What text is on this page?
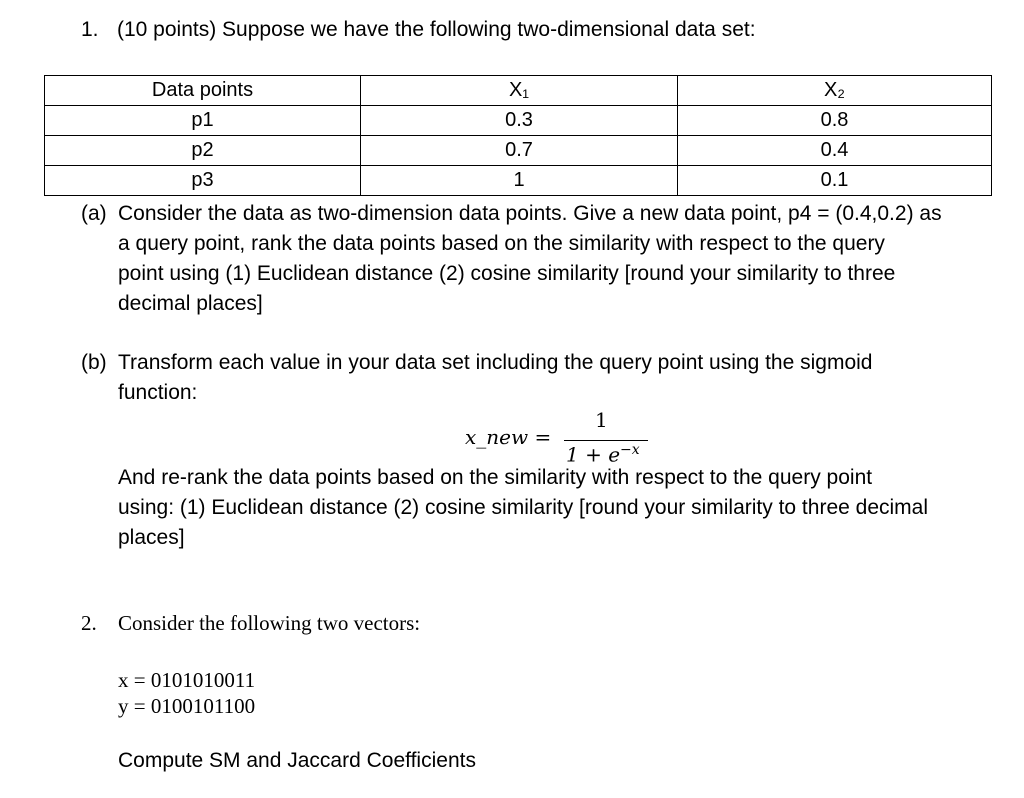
1. (10 points) Suppose we have the following two-dimensional data set:
Data points	X₁	X₂
p1	0.3	0.8
p2	0.7	0.4
p3	1	0.1
(a) Consider the data as two-dimension data points. Give a new data point, p4 = (0.4,0.2) as
a query point, rank the data points based on the similarity with respect to the query
point using (1) Euclidean distance (2) cosine similarity [round your similarity to three
decimal places]
(b) Transform each value in your data set including the query point using the sigmoid
function:
x_new =
1
$1 + e^{-x}$
And re-rank the data points based on the similarity with respect to the query point
using: (1) Euclidean distance (2) cosine similarity [round your similarity to three decimal
places]
2. Consider the following two vectors:
x = 0101010011
y = 0100101100
Compute SM and Jaccard Coefficients
